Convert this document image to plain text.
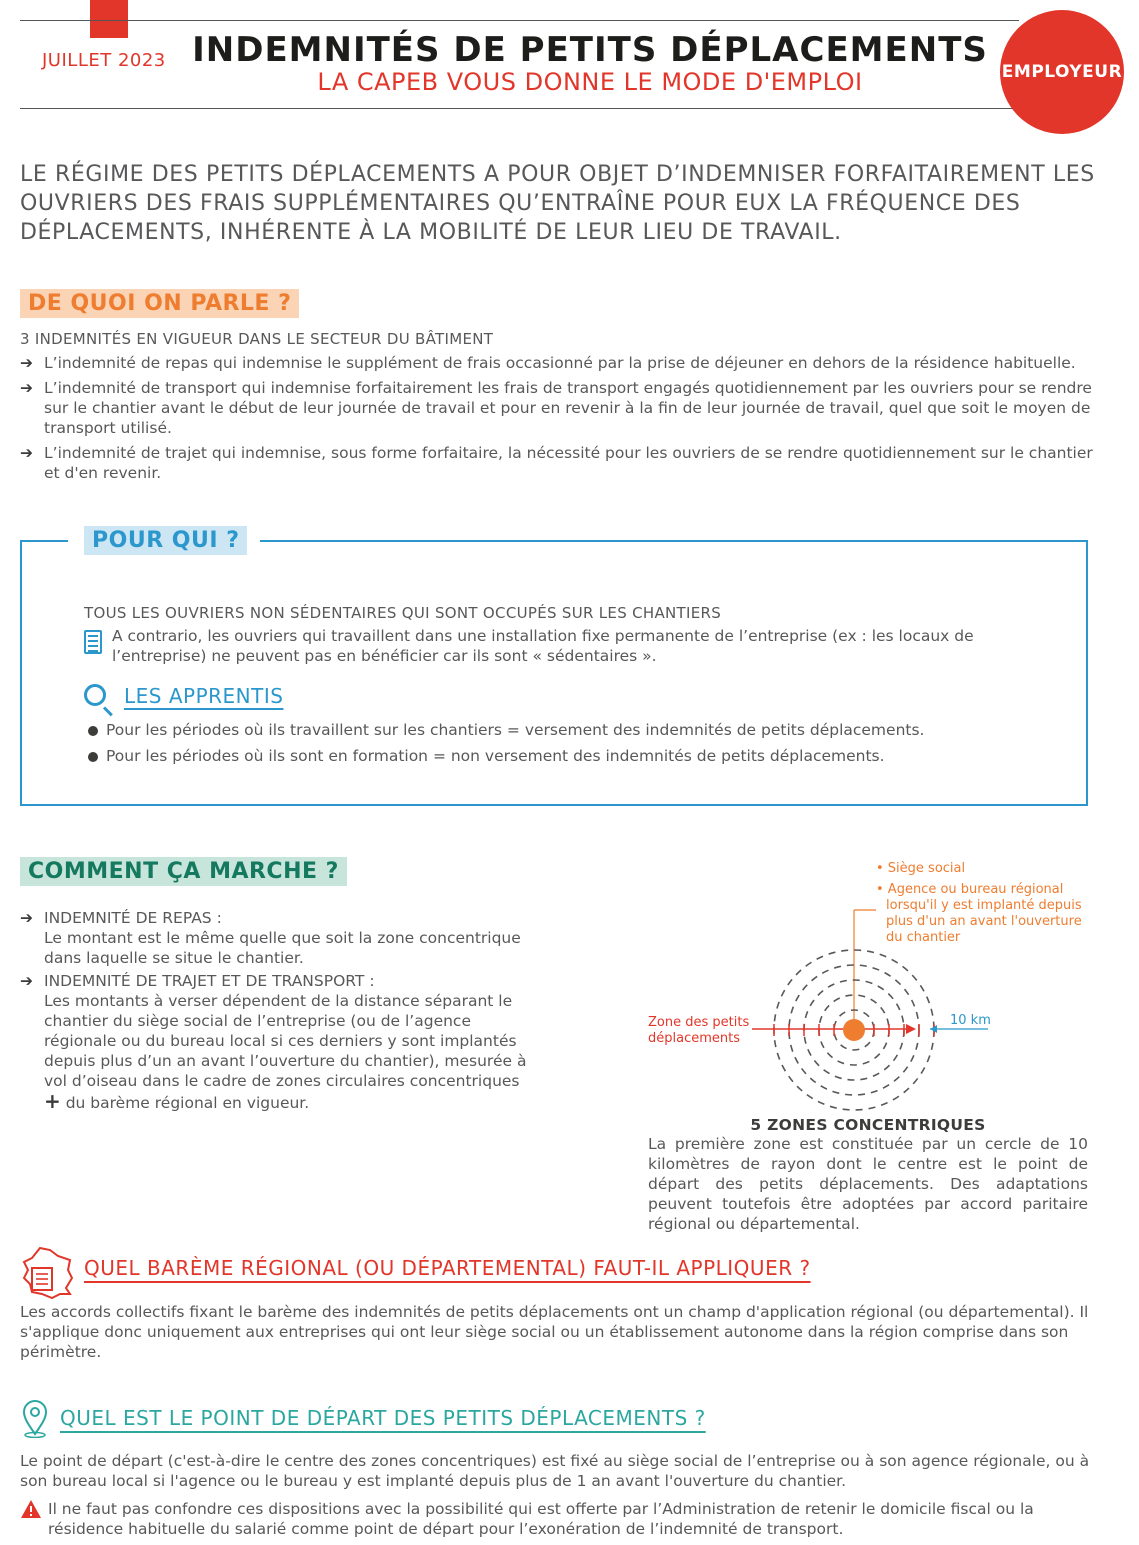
JUILLET 2023 INDEMNITÉS DE PETITS DÉPLACEMENTS
LA CAPEB VOUS DONNE LE MODE D'EMPLOI	EMPLOYEUR
LE RÉGIME DES PETITS DÉPLACEMENTS A POUR OBJET D’INDEMNISER FORFAITAIREMENT LES OUVRIERS DES FRAIS SUPPLÉMENTAIRES QU’ENTRAÎNE POUR EUX LA FRÉQUENCE DES DÉPLACEMENTS, INHÉRENTE À LA MOBILITÉ DE LEUR LIEU DE TRAVAIL.
DE QUOI ON PARLE ?
3 INDEMNITÉS EN VIGUEUR DANS LE SECTEUR DU BÂTIMENT
➔ L’indemnité de repas qui indemnise le supplément de frais occasionné par la prise de déjeuner en dehors de la résidence habituelle.
➔ L’indemnité de transport qui indemnise forfaitairement les frais de transport engagés quotidiennement par les ouvriers pour se rendre sur le chantier avant le début de leur journée de travail et pour en revenir à la fin de leur journée de travail, quel que soit le moyen de transport utilisé.
➔ L’indemnité de trajet qui indemnise, sous forme forfaitaire, la nécessité pour les ouvriers de se rendre quotidiennement sur le chantier et d'en revenir.
POUR QUI ?
TOUS LES OUVRIERS NON SÉDENTAIRES QUI SONT OCCUPÉS SUR LES CHANTIERS
A contrario, les ouvriers qui travaillent dans une installation fixe permanente de l’entreprise (ex : les locaux de l’entreprise) ne peuvent pas en bénéficier car ils sont « sédentaires ».
LES APPRENTIS
Pour les périodes où ils travaillent sur les chantiers = versement des indemnités de petits déplacements.
Pour les périodes où ils sont en formation = non versement des indemnités de petits déplacements.
COMMENT ÇA MARCHE ?
➔ INDEMNITÉ DE REPAS :
Le montant est le même quelle que soit la zone concentrique dans laquelle se situe le chantier.
➔ INDEMNITÉ DE TRAJET ET DE TRANSPORT :
Les montants à verser dépendent de la distance séparant le chantier du siège social de l’entreprise (ou de l’agence régionale ou du bureau local si ces derniers y sont implantés depuis plus d’un an avant l’ouverture du chantier), mesurée à vol d’oiseau dans le cadre de zones circulaires concentriques + du barème régional en vigueur.
• Siège social
• Agence ou bureau régional lorsqu'il y est implanté depuis plus d'un an avant l'ouverture du chantier
Zone des petits déplacements
10 km
5 ZONES CONCENTRIQUES
La première zone est constituée par un cercle de 10 kilomètres de rayon dont le centre est le point de départ des petits déplacements. Des adaptations peuvent toutefois être adoptées par accord paritaire régional ou départemental.
QUEL BARÈME RÉGIONAL (OU DÉPARTEMENTAL) FAUT-IL APPLIQUER ?
Les accords collectifs fixant le barème des indemnités de petits déplacements ont un champ d'application régional (ou départemental). Il s'applique donc uniquement aux entreprises qui ont leur siège social ou un établissement autonome dans la région comprise dans son périmètre.
QUEL EST LE POINT DE DÉPART DES PETITS DÉPLACEMENTS ?
Le point de départ (c'est-à-dire le centre des zones concentriques) est fixé au siège social de l’entreprise ou à son agence régionale, ou à son bureau local si l'agence ou le bureau y est implanté depuis plus de 1 an avant l'ouverture du chantier.
Il ne faut pas confondre ces dispositions avec la possibilité qui est offerte par l’Administration de retenir le domicile fiscal ou la résidence habituelle du salarié comme point de départ pour l’exonération de l’indemnité de transport.
